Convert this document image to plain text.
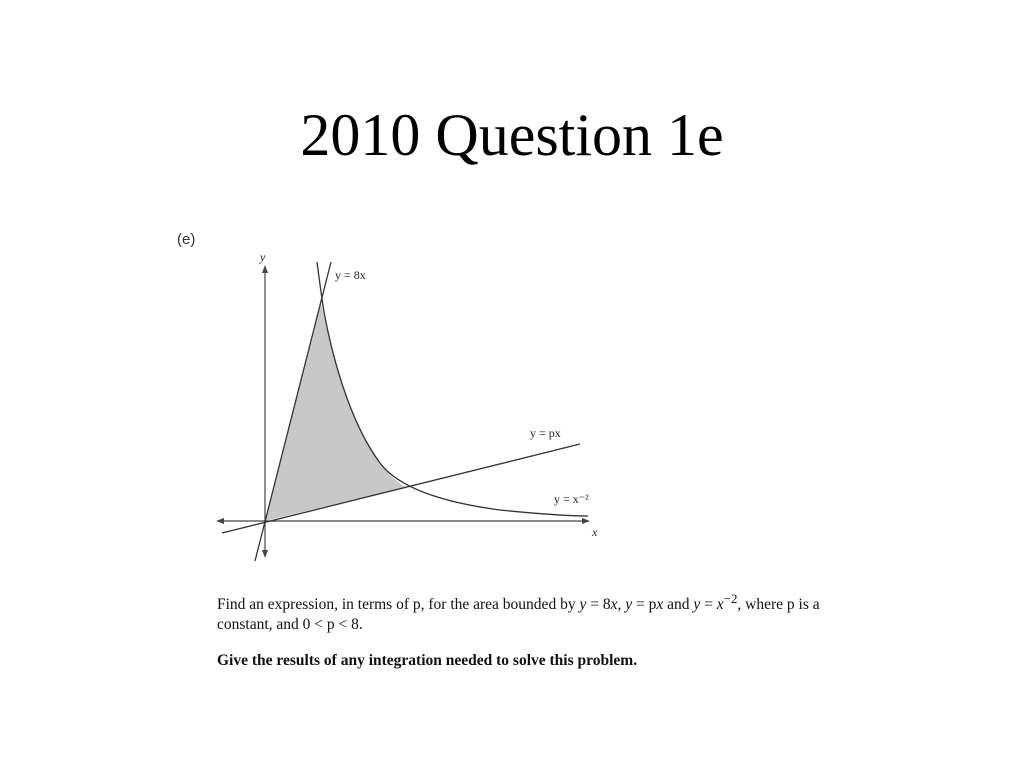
2010 Question 1e
(e)
y
x
y = 8x
y = px
y = x⁻²
Find an expression, in terms of p, for the area bounded by y = 8x, y = px and $y = x^{-2}$, where p is a constant, and 0 < p < 8.
Give the results of any integration needed to solve this problem.
